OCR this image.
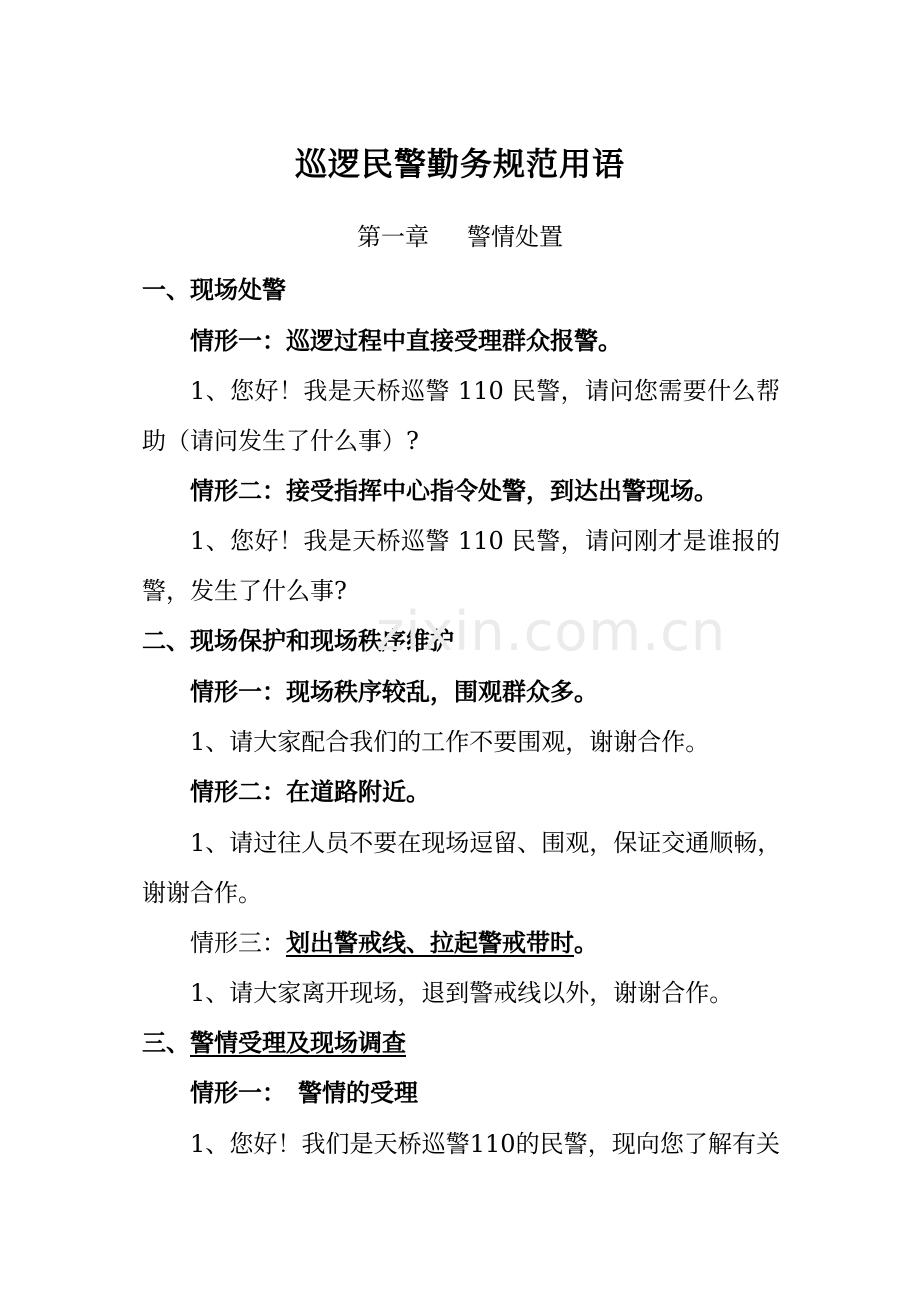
巡逻民警勤务规范用语
第一章 警情处置
一、现场处警
情形一：巡逻过程中直接受理群众报警。
1、您好！我是天桥巡警 110 民警，请问您需要什么帮
助（请问发生了什么事）?
情形二：接受指挥中心指令处警，到达出警现场。
1、您好！我是天桥巡警 110 民警，请问刚才是谁报的
警，发生了什么事?
二、现场保护和现场秩序维护
情形一：现场秩序较乱，围观群众多。
1、请大家配合我们的工作不要围观，谢谢合作。
情形二：在道路附近。
1、请过往人员不要在现场逗留、围观，保证交通顺畅，
谢谢合作。
情形三：划出警戒线、拉起警戒带时。
1、请大家离开现场，退到警戒线以外，谢谢合作。
三、警情受理及现场调查
情形一：　警情的受理
1、您好！我们是天桥巡警110的民警，现向您了解有关
zixin.com.cn
